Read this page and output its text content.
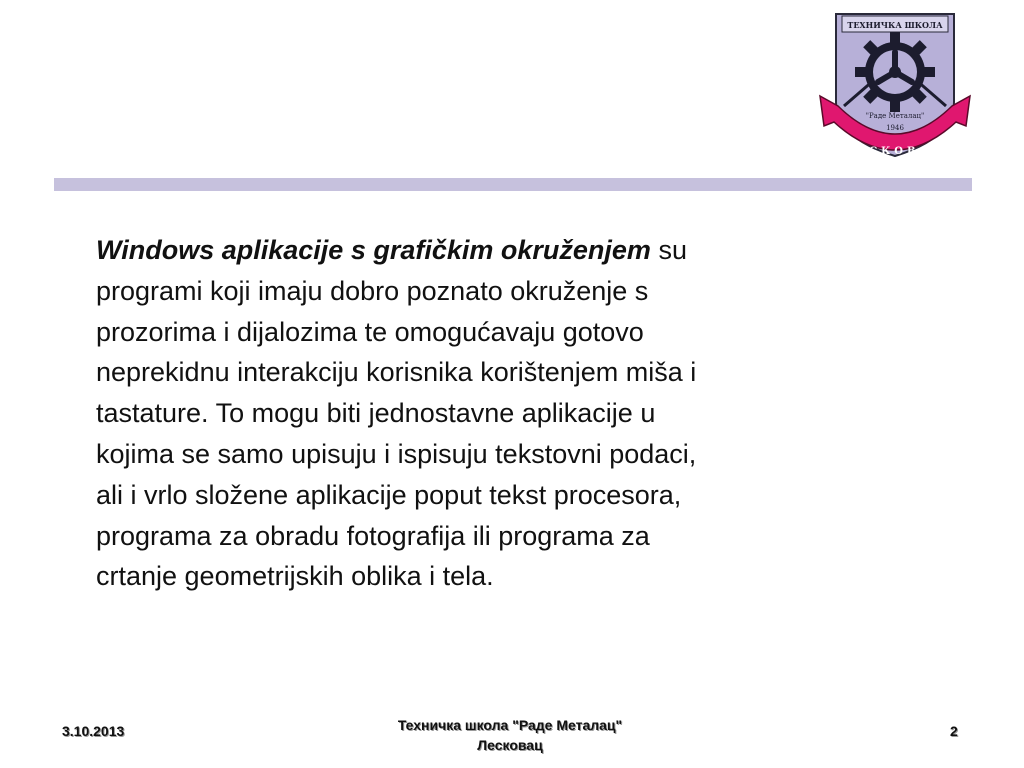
ТЕХНИЧКА ШКОЛА
"Раде Металац"
1946
ЛЕСКОВАЦ
Windows aplikacije s grafičkim okruženjem su
programi koji imaju dobro poznato okruženje s
prozorima i dijalozima te omogućavaju gotovo
neprekidnu interakciju korisnika korištenjem miša i
tastature. To mogu biti jednostavne aplikacije u
kojima se samo upisuju i ispisuju tekstovni podaci,
ali i vrlo složene aplikacije poput tekst procesora,
programa za obradu fotografija ili programa za
crtanje geometrijskih oblika i tela.
3.10.2013	Техничка школа "Раде Металац"
Лесковац
2
